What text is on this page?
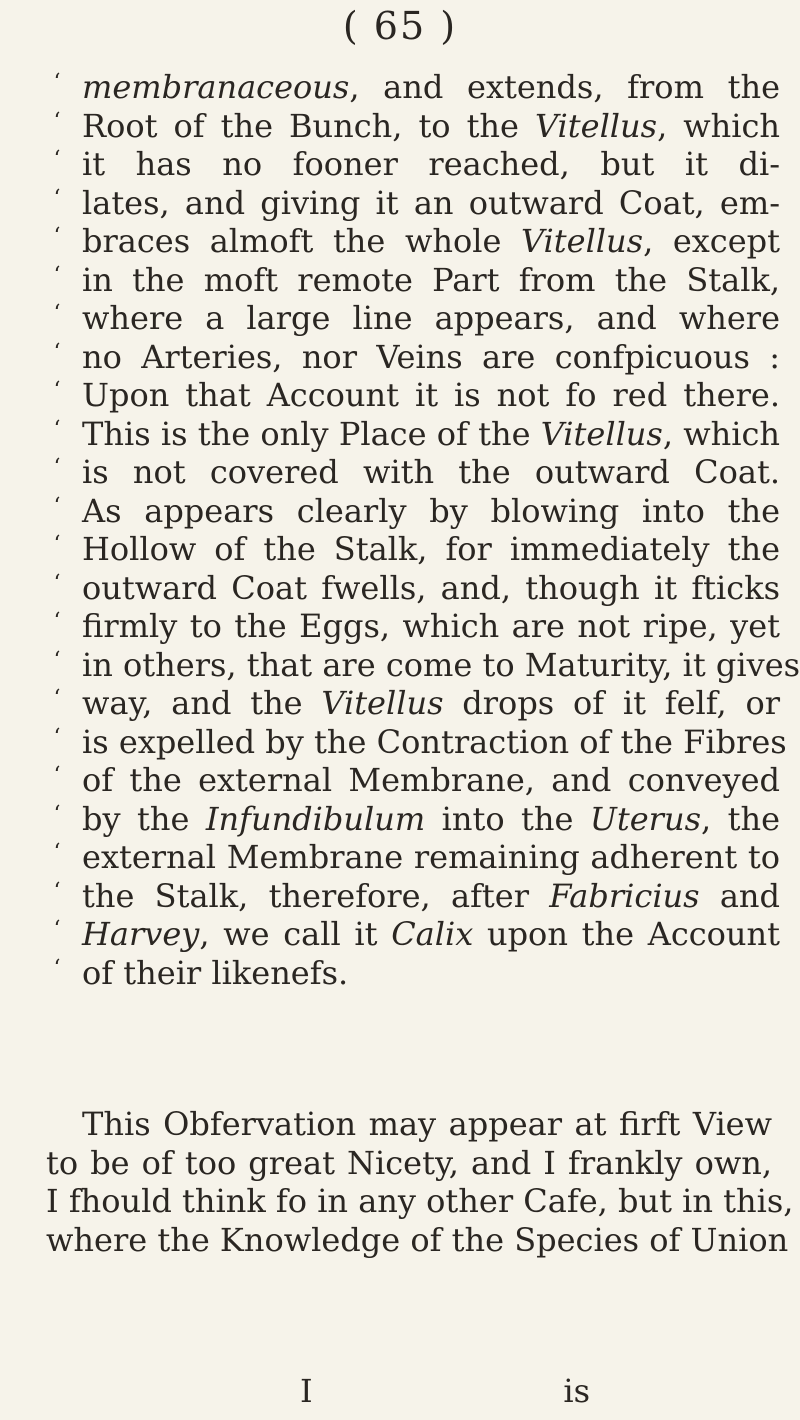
( 65 )
‘ membranaceous, and extends, from the
‘ Root of the Bunch, to the Vitellus, which
‘ it has no fooner reached, but it di-
‘ lates, and giving it an outward Coat, em-
‘ braces almoft the whole Vitellus, except
‘ in the moft remote Part from the Stalk,
‘ where a large line appears, and where
‘ no Arteries, nor Veins are confpicuous :
‘ Upon that Account it is not fo red there.
‘ This is the only Place of the Vitellus, which
‘ is not covered with the outward Coat.
‘ As appears clearly by blowing into the
‘ Hollow of the Stalk, for immediately the
‘ outward Coat fwells, and, though it fticks
‘ firmly to the Eggs, which are not ripe, yet
‘ in others, that are come to Maturity, it gives
‘ way, and the Vitellus drops of it felf, or
‘ is expelled by the Contraction of the Fibres
‘ of the external Membrane, and conveyed
‘ by the Infundibulum into the Uterus, the
‘ external Membrane remaining adherent to
‘ the Stalk, therefore, after Fabricius and
‘ Harvey, we call it Calix upon the Account
‘ of their likenefs.
This Obfervation may appear at firft View
to be of too great Nicety, and I frankly own,
I fhould think fo in any other Cafe, but in this,
where the Knowledge of the Species of Union
I	is
